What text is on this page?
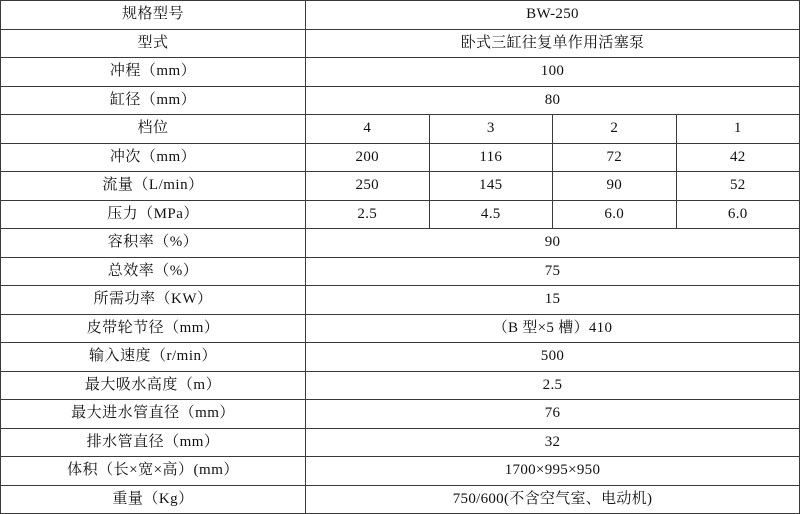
规格型号	BW-250			
型式	卧式三缸往复单作用活塞泵			
冲程（mm）	100			
缸径（mm）	80			
档位	4	3	2	1
冲次（mm）	200	116	72	42
流量（L/min）	250	145	90	52
压力（MPa）	2.5	4.5	6.0	6.0
容积率（%）	90			
总效率（%）	75			
所需功率（KW）	15			
皮带轮节径（mm）	（B 型×5 槽）410			
输入速度（r/min）	500			
最大吸水高度（m）	2.5			
最大进水管直径（mm）	76			
排水管直径（mm）	32			
体积（长×宽×高）(mm）	1700×995×950			
重量（Kg）	750/600(不含空气室、电动机)			
